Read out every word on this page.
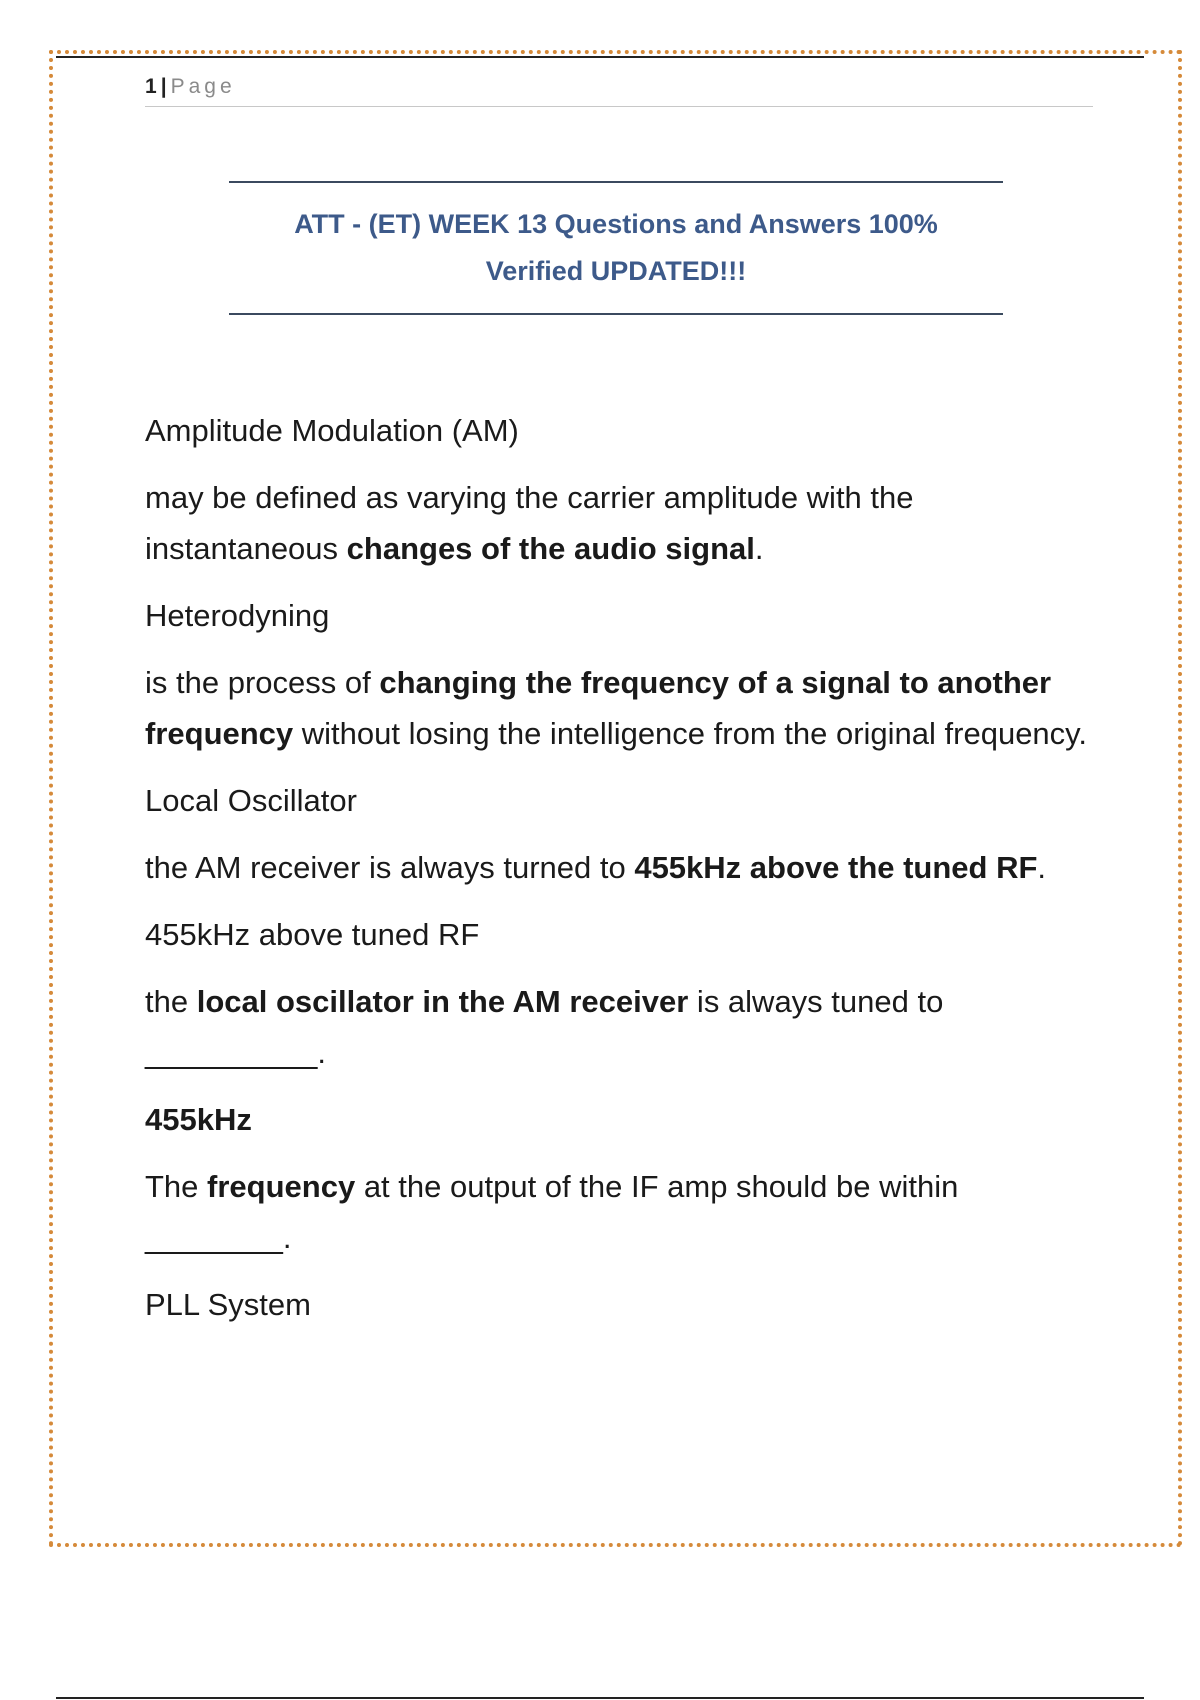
1 | Page
ATT - (ET) WEEK 13 Questions and Answers 100%
Verified UPDATED!!!

Amplitude Modulation (AM)

may be defined as varying the carrier amplitude with the instantaneous changes of the audio signal.

Heterodyning

is the process of changing the frequency of a signal to another frequency without losing the intelligence from the original frequency.

Local Oscillator

the AM receiver is always turned to 455kHz above the tuned RF.

455kHz above tuned RF

the local oscillator in the AM receiver is always tuned to
__________.

455kHz

The frequency at the output of the IF amp should be within
________.

PLL System
